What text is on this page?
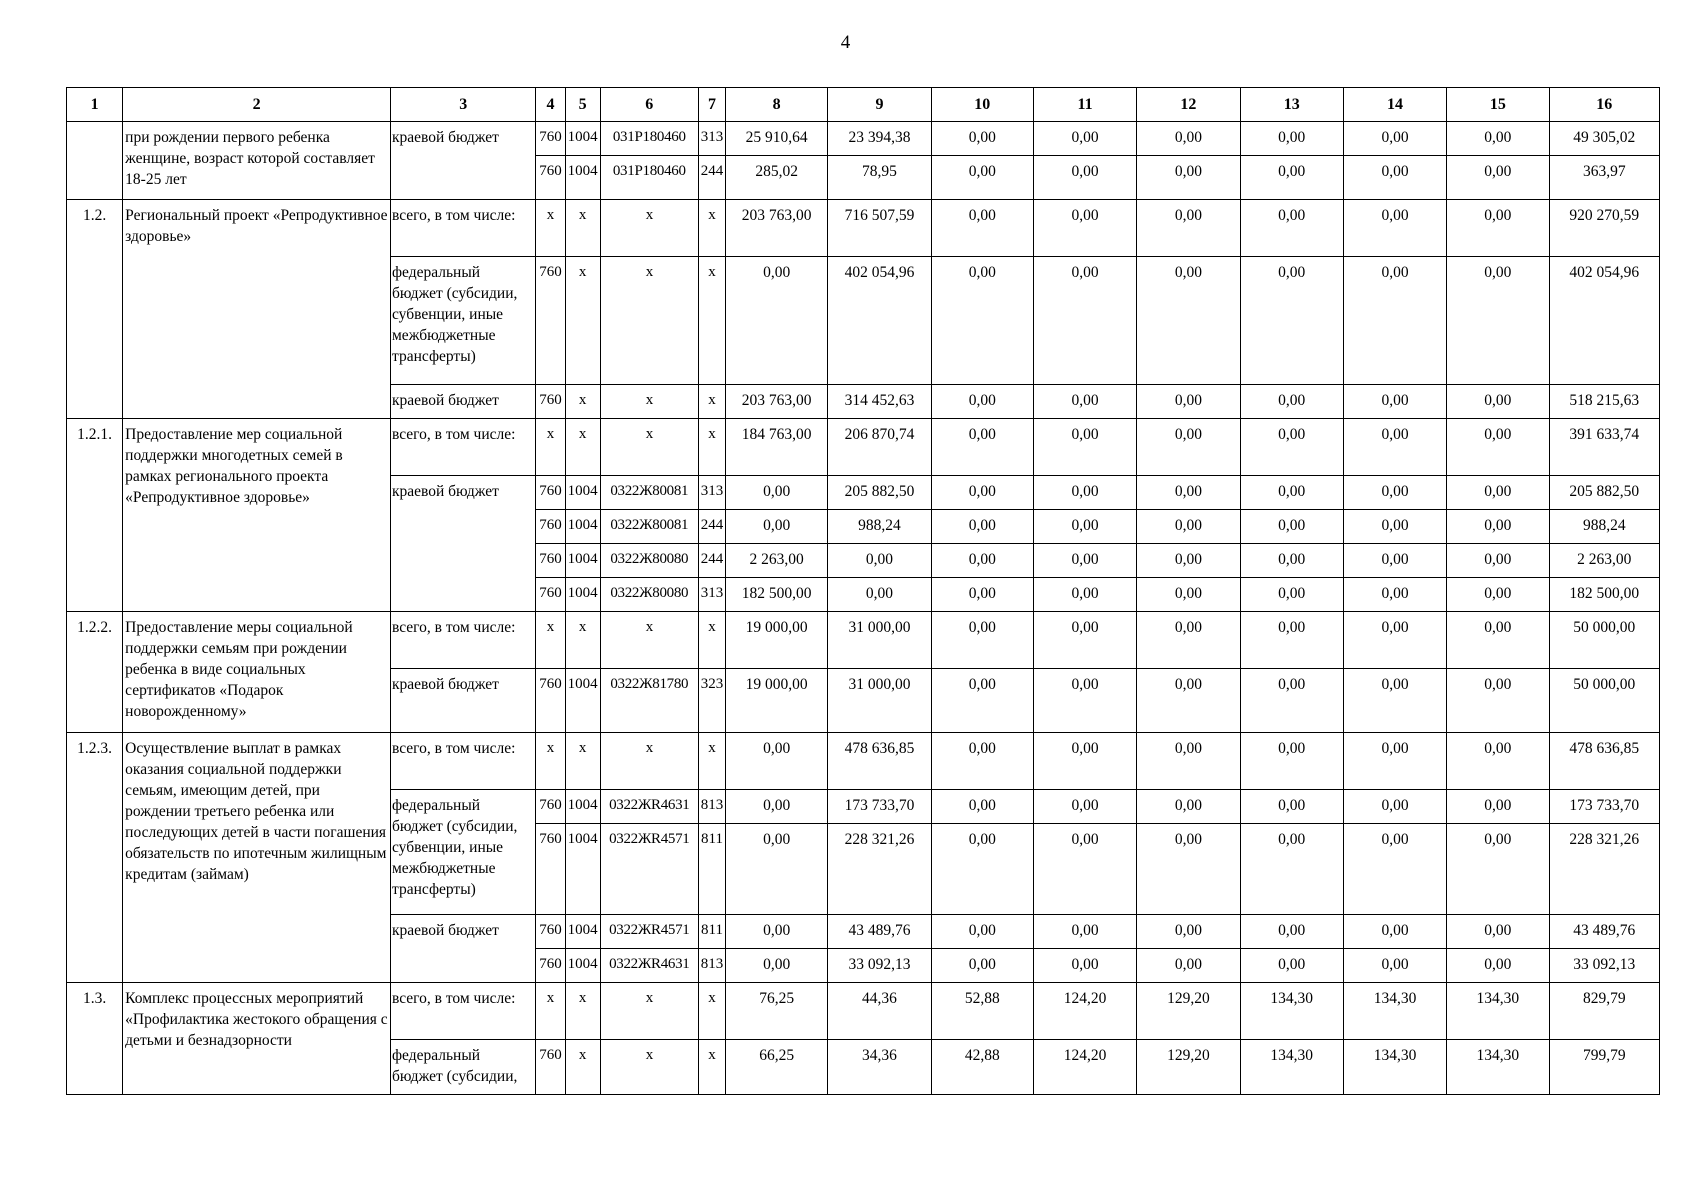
4
1	2	3	4	5	6	7	8	9	10	11	12	13	14	15	16
	при рождении первого ребенка женщине, возраст которой составляет 18-25 лет	краевой бюджет	760	1004	031Р180460	313	25 910,64	23 394,38	0,00	0,00	0,00	0,00	0,00	0,00	49 305,02
			760	1004	031Р180460	244	285,02	78,95	0,00	0,00	0,00	0,00	0,00	0,00	363,97
1.2.	Региональный проект «Репродуктивное здоровье»	всего, в том числе:	х	х	х	х	203 763,00	716 507,59	0,00	0,00	0,00	0,00	0,00	0,00	920 270,59
		федеральный бюджет (субсидии, субвенции, иные межбюджетные трансферты)	760	х	х	х	0,00	402 054,96	0,00	0,00	0,00	0,00	0,00	0,00	402 054,96
		краевой бюджет	760	х	х	х	203 763,00	314 452,63	0,00	0,00	0,00	0,00	0,00	0,00	518 215,63
1.2.1.	Предоставление мер социальной поддержки многодетных семей в рамках регионального проекта «Репродуктивное здоровье»	всего, в том числе:	х	х	х	х	184 763,00	206 870,74	0,00	0,00	0,00	0,00	0,00	0,00	391 633,74
		краевой бюджет	760	1004	0322Ж80081	313	0,00	205 882,50	0,00	0,00	0,00	0,00	0,00	0,00	205 882,50
			760	1004	0322Ж80081	244	0,00	988,24	0,00	0,00	0,00	0,00	0,00	0,00	988,24
			760	1004	0322Ж80080	244	2 263,00	0,00	0,00	0,00	0,00	0,00	0,00	0,00	2 263,00
			760	1004	0322Ж80080	313	182 500,00	0,00	0,00	0,00	0,00	0,00	0,00	0,00	182 500,00
1.2.2.	Предоставление меры социальной поддержки семьям при рождении ребенка в виде социальных сертификатов «Подарок новорожденному»	всего, в том числе:	х	х	х	х	19 000,00	31 000,00	0,00	0,00	0,00	0,00	0,00	0,00	50 000,00
		краевой бюджет	760	1004	0322Ж81780	323	19 000,00	31 000,00	0,00	0,00	0,00	0,00	0,00	0,00	50 000,00
1.2.3.	Осуществление выплат в рамках оказания социальной поддержки семьям, имеющим детей, при рождении третьего ребенка или последующих детей в части погашения обязательств по ипотечным жилищным кредитам (займам)	всего, в том числе:	х	х	х	х	0,00	478 636,85	0,00	0,00	0,00	0,00	0,00	0,00	478 636,85
		федеральный бюджет (субсидии, субвенции, иные межбюджетные трансферты)	760	1004	0322ЖR4631	813	0,00	173 733,70	0,00	0,00	0,00	0,00	0,00	0,00	173 733,70
			760	1004	0322ЖR4571	811	0,00	228 321,26	0,00	0,00	0,00	0,00	0,00	0,00	228 321,26
		краевой бюджет	760	1004	0322ЖR4571	811	0,00	43 489,76	0,00	0,00	0,00	0,00	0,00	0,00	43 489,76
			760	1004	0322ЖR4631	813	0,00	33 092,13	0,00	0,00	0,00	0,00	0,00	0,00	33 092,13
1.3.	Комплекс процессных мероприятий «Профилактика жестокого обращения с детьми и безнадзорности	всего, в том числе:	х	х	х	х	76,25	44,36	52,88	124,20	129,20	134,30	134,30	134,30	829,79
		федеральный бюджет (субсидии,	760	х	х	х	66,25	34,36	42,88	124,20	129,20	134,30	134,30	134,30	799,79
